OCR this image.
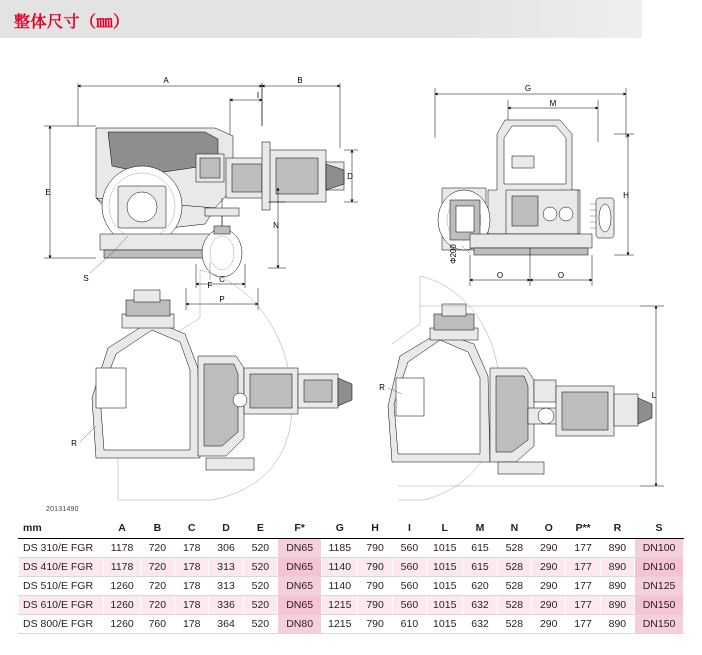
整体尺寸（㎜）
A	B
I
D
E
N
S
F
C
P
G
M
H
Φ200
O	O
R
R
L
20131490
mm	A	B	C	D	E	F*	G	H	I	L	M	N	O	P**	R	S
DS 310/E FGR	1178	720	178	306	520	DN65	1185	790	560	1015	615	528	290	177	890	DN100
DS 410/E FGR	1178	720	178	313	520	DN65	1140	790	560	1015	615	528	290	177	890	DN100
DS 510/E FGR	1260	720	178	313	520	DN65	1140	790	560	1015	620	528	290	177	890	DN125
DS 610/E FGR	1260	720	178	336	520	DN65	1215	790	560	1015	632	528	290	177	890	DN150
DS 800/E FGR	1260	760	178	364	520	DN80	1215	790	610	1015	632	528	290	177	890	DN150
